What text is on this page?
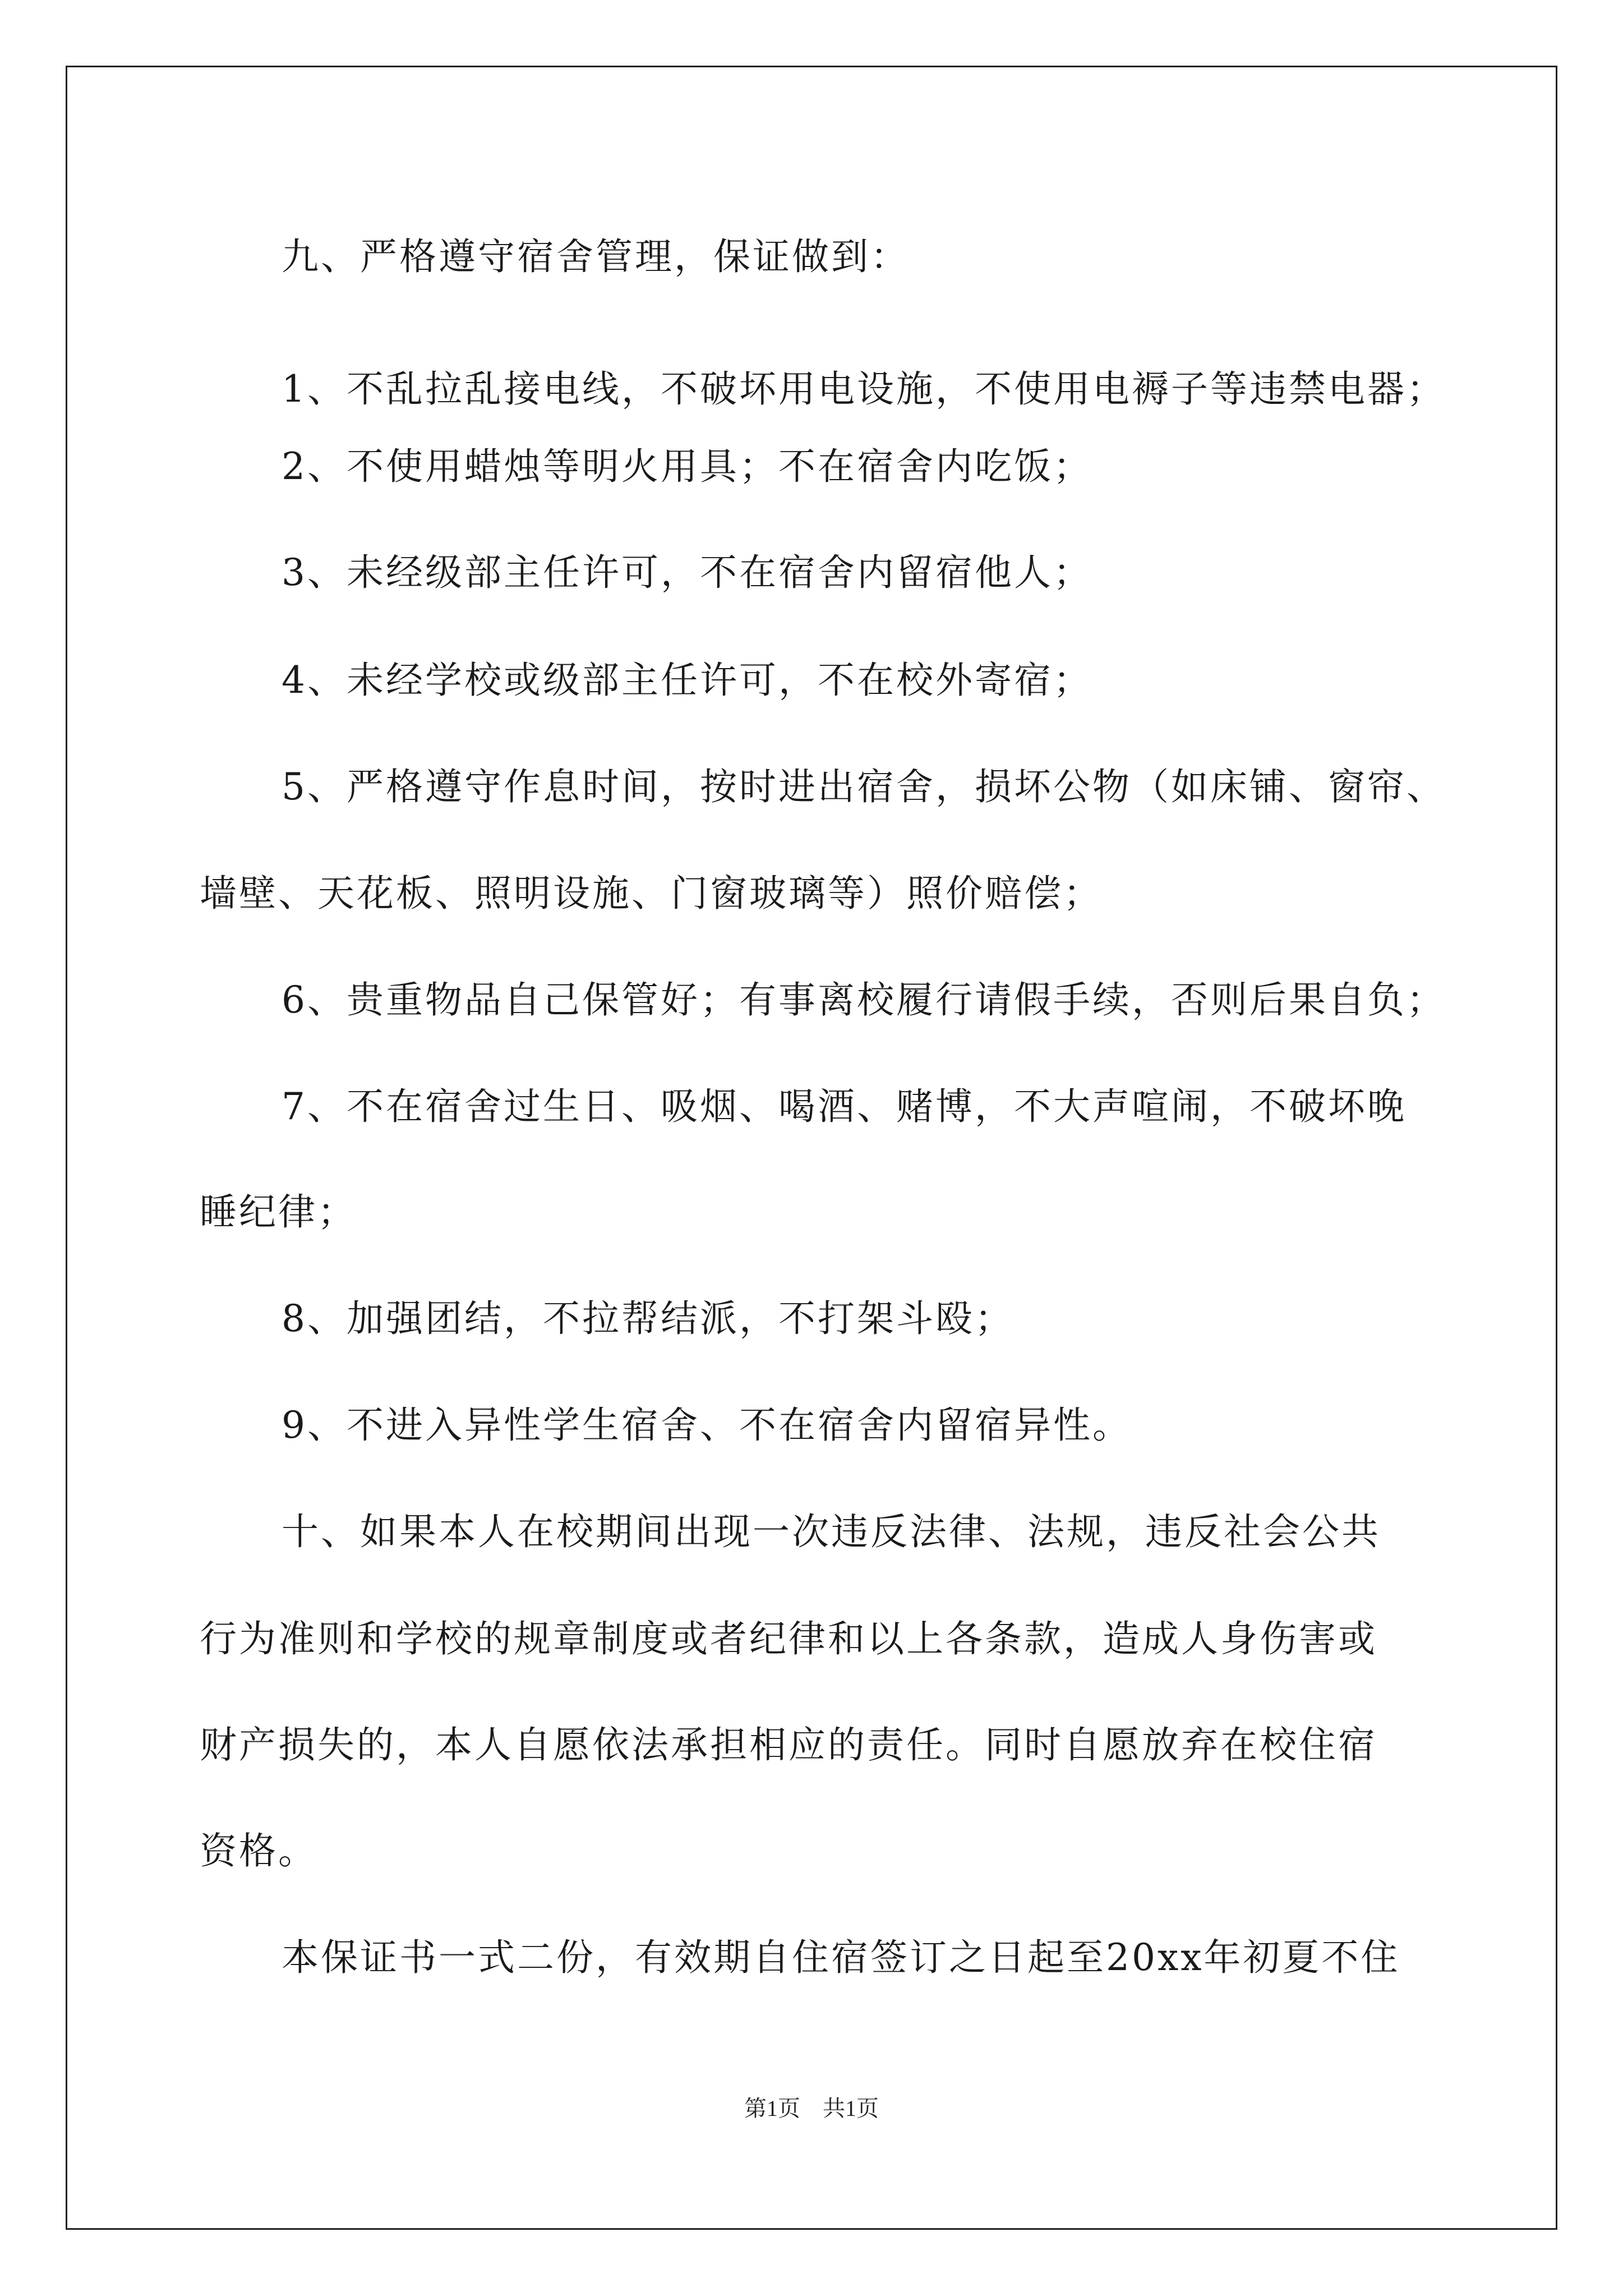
九、严格遵守宿舍管理，保证做到：
1、不乱拉乱接电线，不破坏用电设施，不使用电褥子等违禁电器；
2、不使用蜡烛等明火用具；不在宿舍内吃饭；
3、未经级部主任许可，不在宿舍内留宿他人；
4、未经学校或级部主任许可，不在校外寄宿；
5、严格遵守作息时间，按时进出宿舍，损坏公物（如床铺、窗帘、
墙壁、天花板、照明设施、门窗玻璃等）照价赔偿；
6、贵重物品自己保管好；有事离校履行请假手续，否则后果自负；
7、不在宿舍过生日、吸烟、喝酒、赌博，不大声喧闹，不破坏晚
睡纪律；
8、加强团结，不拉帮结派，不打架斗殴；
9、不进入异性学生宿舍、不在宿舍内留宿异性。
十、如果本人在校期间出现一次违反法律、法规，违反社会公共
行为准则和学校的规章制度或者纪律和以上各条款，造成人身伤害或
财产损失的，本人自愿依法承担相应的责任。同时自愿放弃在校住宿
资格。
本保证书一式二份，有效期自住宿签订之日起至20xx年初夏不住
第1页　共1页
